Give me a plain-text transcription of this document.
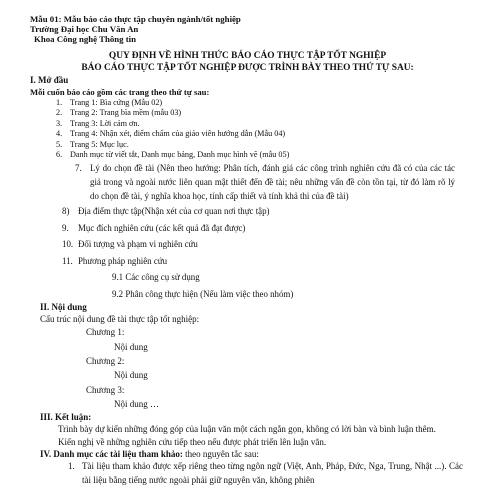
Mẫu 01: Mẫu báo cáo thực tập chuyên ngành/tốt nghiệp
Trường Đại học Chu Văn An
Khoa Công nghệ Thông tin
QUY ĐỊNH VỀ HÌNH THỨC BÁO CÁO THỰC TẬP TỐT NGHIỆP
BÁO CÁO THỰC TẬP TỐT NGHIỆP ĐƯỢC TRÌNH BÀY THEO THỨ TỰ SAU:
I. Mở đầu
Mỗi cuốn báo cáo gồm các trang theo thứ tự sau:
1. Trang 1: Bìa cứng (Mẫu 02)
2. Trang 2: Trang bìa mềm (mẫu 03)
3. Trang 3: Lời cảm ơn.
4. Trang 4: Nhận xét, điểm chấm của giáo viên hướng dẫn (Mẫu 04)
5. Trang 5: Mục lục.
6. Danh mục từ viết tắt, Danh mục bảng, Danh mục hình vẽ (mẫu 05)
7. Lý do chọn đề tài (Nên theo hướng: Phân tích, đánh giá các công trình nghiên cứu đã có của các tác giả trong và ngoài nước liên quan mật thiết đến đề tài; nêu những vấn đề còn tồn tại, từ đó làm rõ lý do chọn đề tài, ý nghĩa khoa học, tính cấp thiết và tính khả thi của đề tài)
8) Địa điểm thực tập(Nhận xét của cơ quan nơi thực tập)
9. Mục đích nghiên cứu (các kết quả đã đạt được)
10. Đối tượng và phạm vi nghiên cứu
11. Phương pháp nghiên cứu
9.1 Các công cụ sử dụng
9.2 Phân công thực hiện (Nếu làm việc theo nhóm)
II. Nội dung
Cấu trúc nội dung đề tài thực tập tốt nghiệp:
Chương 1:
Nội dung
Chương 2:
Nội dung
Chương 3:
Nội dung …
III. Kết luận:
Trình bày dự kiến những đóng góp của luận văn một cách ngắn gọn, không có lời bàn và bình luận thêm.
Kiến nghị về những nghiên cứu tiếp theo nếu được phát triển lên luận văn.
IV. Danh mục các tài liệu tham khảo: theo nguyên tắc sau:
1. Tài liệu tham khảo được xếp riêng theo từng ngôn ngữ (Việt, Anh, Pháp, Đức, Nga, Trung, Nhật ...). Các tài liệu bằng tiếng nước ngoài phải giữ nguyên văn, không phiên
